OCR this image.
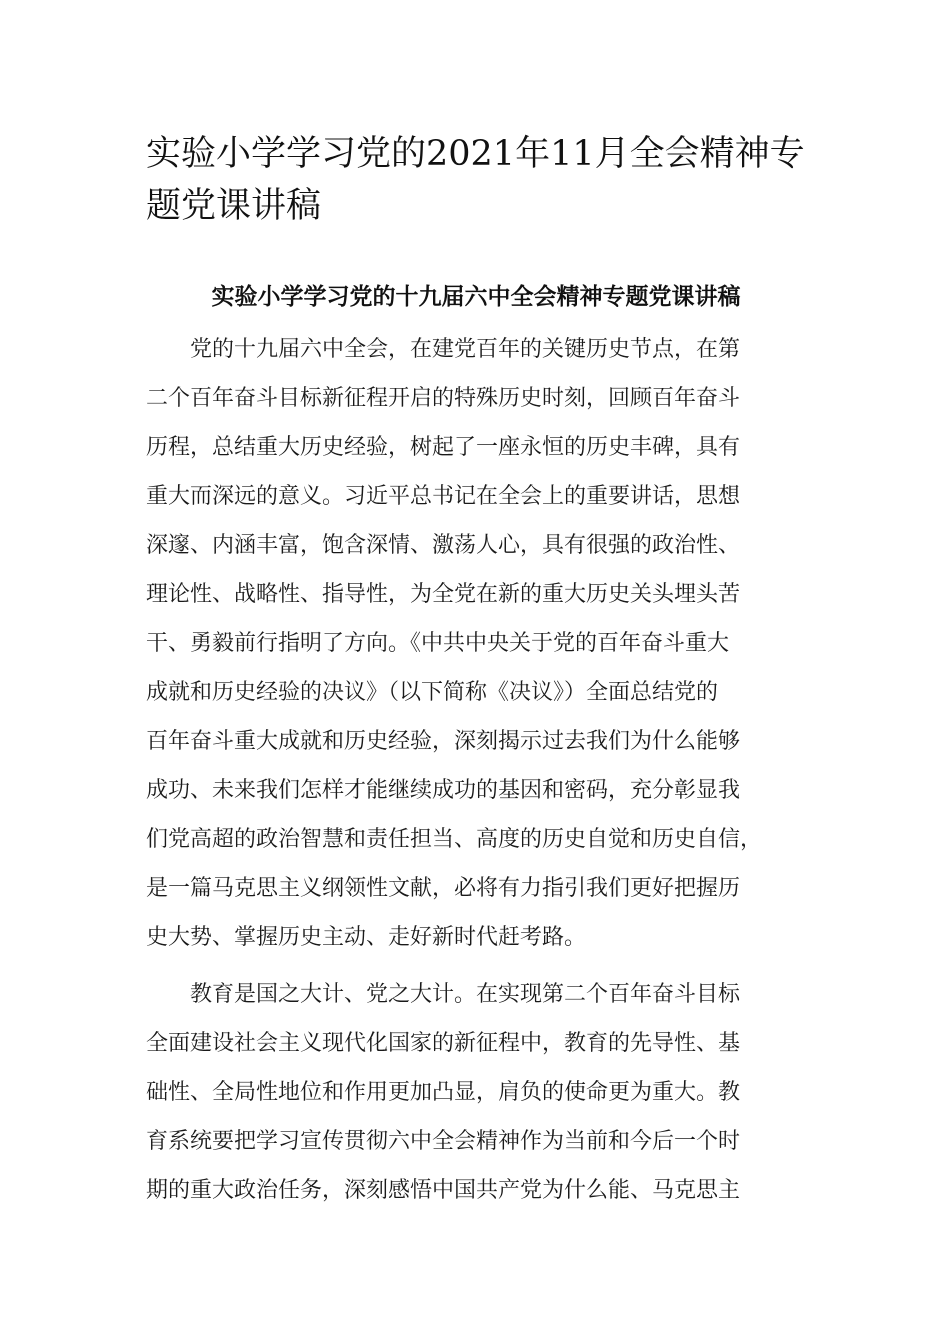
实验小学学习党的2021年11月全会精神专
题党课讲稿
实验小学学习党的十九届六中全会精神专题党课讲稿

党的十九届六中全会，在建党百年的关键历史节点，在第

二个百年奋斗目标新征程开启的特殊历史时刻，回顾百年奋斗

历程，总结重大历史经验，树起了一座永恒的历史丰碑，具有

重大而深远的意义。习近平总书记在全会上的重要讲话，思想

深邃、内涵丰富，饱含深情、激荡人心，具有很强的政治性、

理论性、战略性、指导性，为全党在新的重大历史关头埋头苦

干、勇毅前行指明了方向。《中共中央关于党的百年奋斗重大

成就和历史经验的决议》（以下简称《决议》）全面总结党的

百年奋斗重大成就和历史经验，深刻揭示过去我们为什么能够

成功、未来我们怎样才能继续成功的基因和密码，充分彰显我

们党高超的政治智慧和责任担当、高度的历史自觉和历史自信，

是一篇马克思主义纲领性文献，必将有力指引我们更好把握历

史大势、掌握历史主动、走好新时代赶考路。

教育是国之大计、党之大计。在实现第二个百年奋斗目标

全面建设社会主义现代化国家的新征程中，教育的先导性、基

础性、全局性地位和作用更加凸显，肩负的使命更为重大。教

育系统要把学习宣传贯彻六中全会精神作为当前和今后一个时

期的重大政治任务，深刻感悟中国共产党为什么能、马克思主
